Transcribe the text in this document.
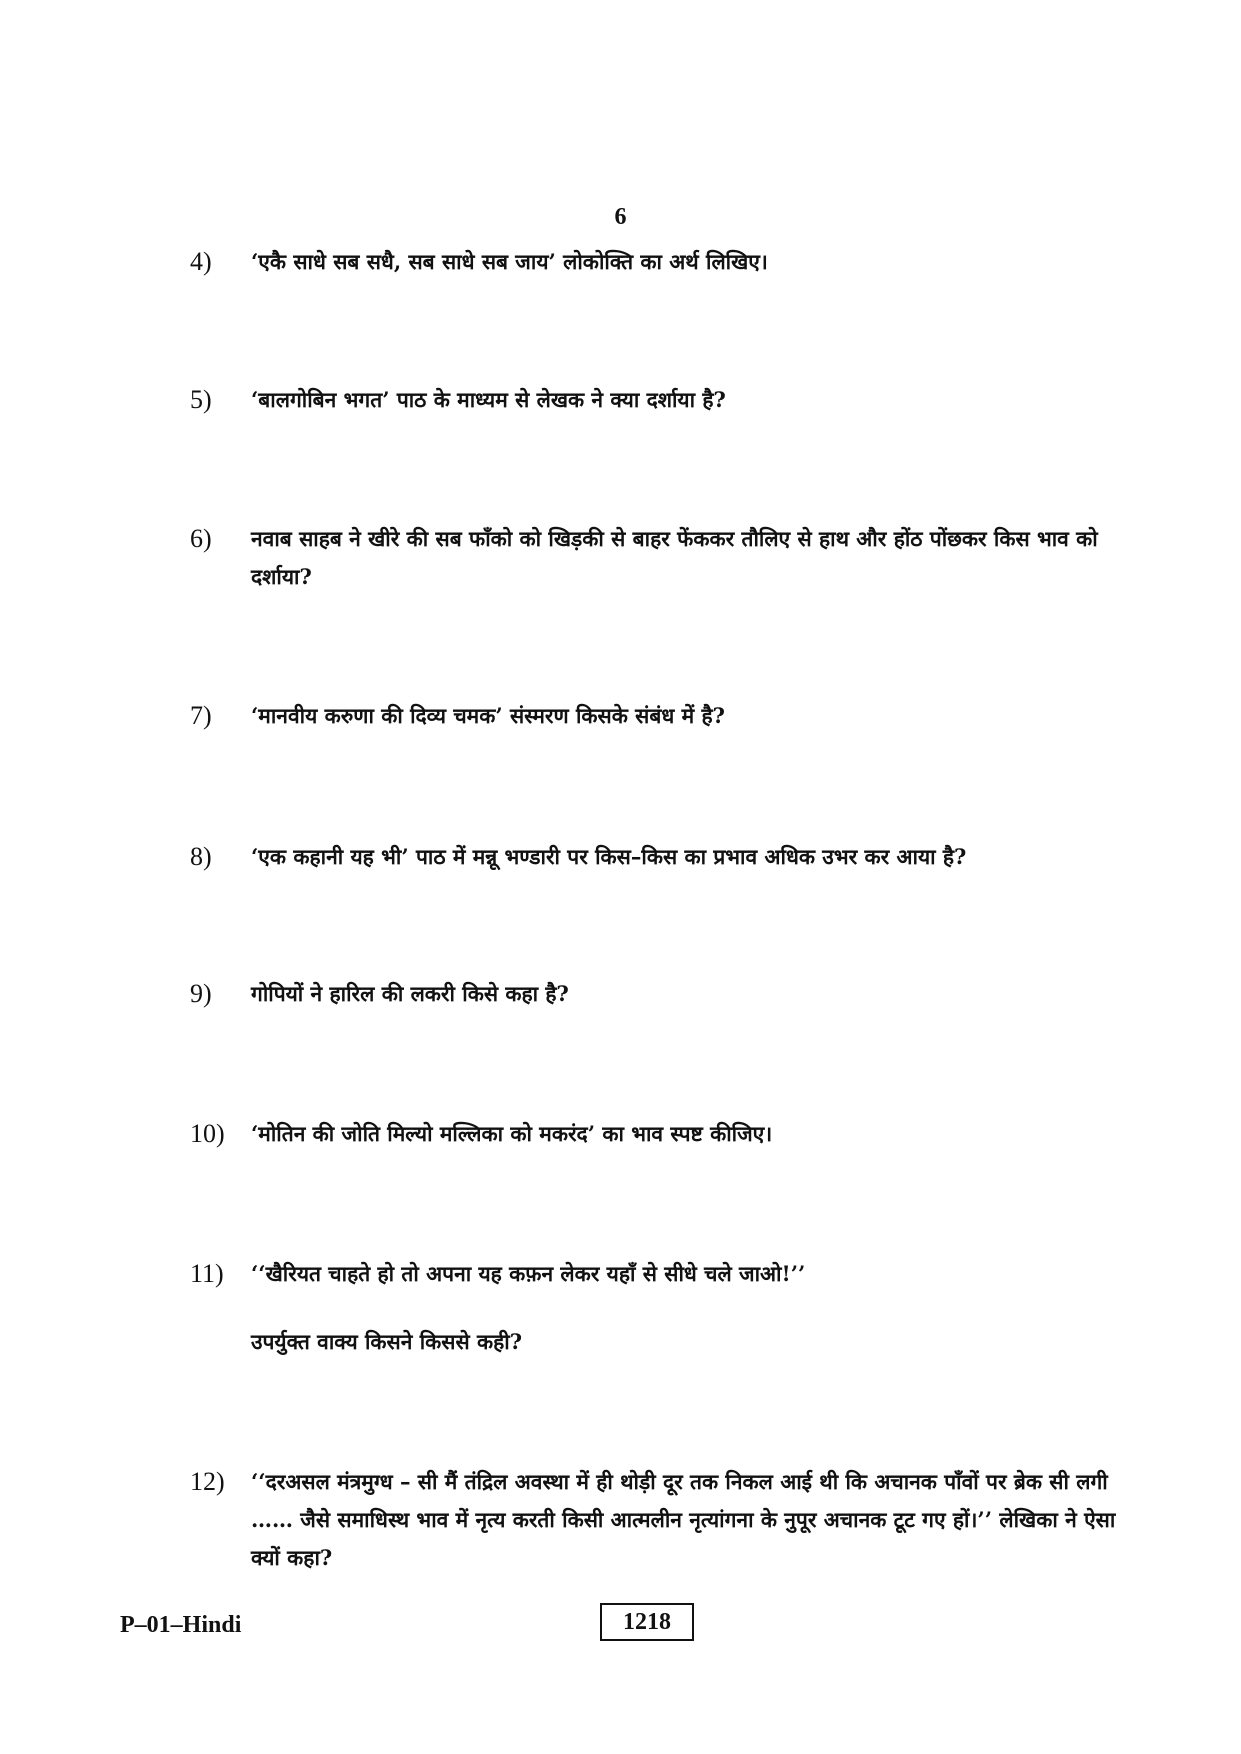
6
4) ‘एकै साधे सब सधै, सब साधे सब जाय’ लोकोक्ति का अर्थ लिखिए।
5) ‘बालगोबिन भगत’ पाठ के माध्यम से लेखक ने क्या दर्शाया है?
6) नवाब साहब ने खीरे की सब फाँको को खिड़की से बाहर फेंककर तौलिए से हाथ और होंठ पोंछकर किस भाव को दर्शाया?
7) ‘मानवीय करुणा की दिव्य चमक’ संस्मरण किसके संबंध में है?
8) ‘एक कहानी यह भी’ पाठ में मन्नू भण्डारी पर किस–किस का प्रभाव अधिक उभर कर आया है?
9) गोपियों ने हारिल की लकरी किसे कहा है?
10) ‘मोतिन की जोति मिल्यो मल्लिका को मकरंद’ का भाव स्पष्ट कीजिए।
11) ‘‘खैरियत चाहते हो तो अपना यह कफ़न लेकर यहाँ से सीधे चले जाओ!’’
उपर्युक्त वाक्य किसने किससे कही?
12) ‘‘दरअसल मंत्रमुग्ध – सी मैं तंद्रिल अवस्था में ही थोड़ी दूर तक निकल आई थी कि अचानक पाँवों पर ब्रेक सी लगी …… जैसे समाधिस्थ भाव में नृत्य करती किसी आत्मलीन नृत्यांगना के नुपूर अचानक टूट गए हों।’’ लेखिका ने ऐसा क्यों कहा?
P–01–Hindi	1218
